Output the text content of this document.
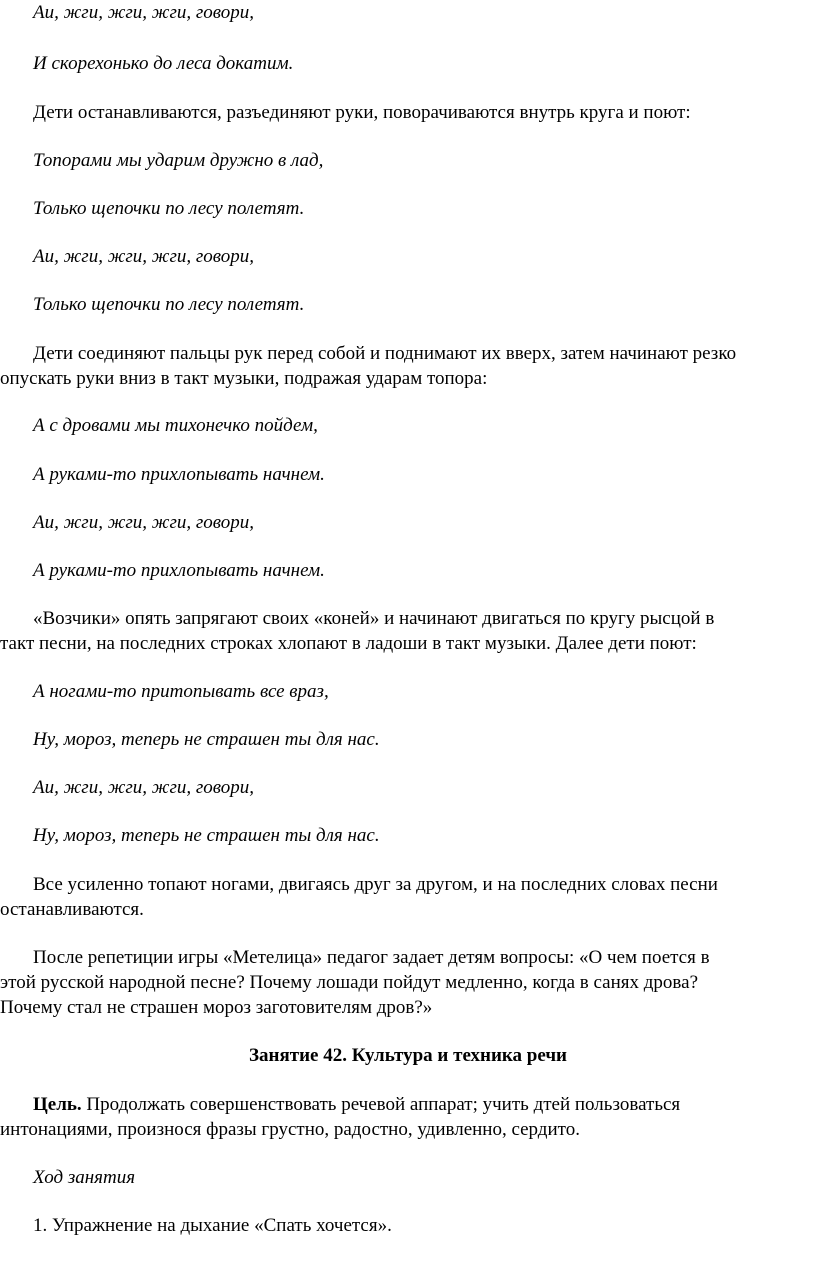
Аи, жги, жги, жги, говори,

И скорехонько до леса докатим.

Дети останавливаются, разъединяют руки, поворачиваются внутрь круга и поют:

Топорами мы ударим дружно в лад,

Только щепочки по лесу полетят.

Аи, жги, жги, жги, говори,

Только щепочки по лесу полетят.

Дети соединяют пальцы рук перед собой и поднимают их вверх, затем начинают резко

опускать руки вниз в такт музыки, подражая ударам топора:

А с дровами мы тихонечко пойдем,

А руками-то прихлопывать начнем.

Аи, жги, жги, жги, говори,

А руками-то прихлопывать начнем.

«Возчики» опять запрягают своих «коней» и начинают двигаться по кругу рысцой в

такт песни, на последних строках хлопают в ладоши в такт музыки. Далее дети поют:

А ногами-то притопывать все враз,

Ну, мороз, теперь не страшен ты для нас.

Аи, жги, жги, жги, говори,

Ну, мороз, теперь не страшен ты для нас.

Все усиленно топают ногами, двигаясь друг за другом, и на последних словах песни

останавливаются.

После репетиции игры «Метелица» педагог задает детям вопросы: «О чем поется в

этой русской народной песне? Почему лошади пойдут медленно, когда в санях дрова?

Почему стал не страшен мороз заготовителям дров?»

Занятие 42. Культура и техника речи

Цель. Продолжать совершенствовать речевой аппарат; учить дтей пользоваться

интонациями, произнося фразы грустно, радостно, удивленно, сердито.

Ход занятия

1. Упражнение на дыхание «Спать хочется».
